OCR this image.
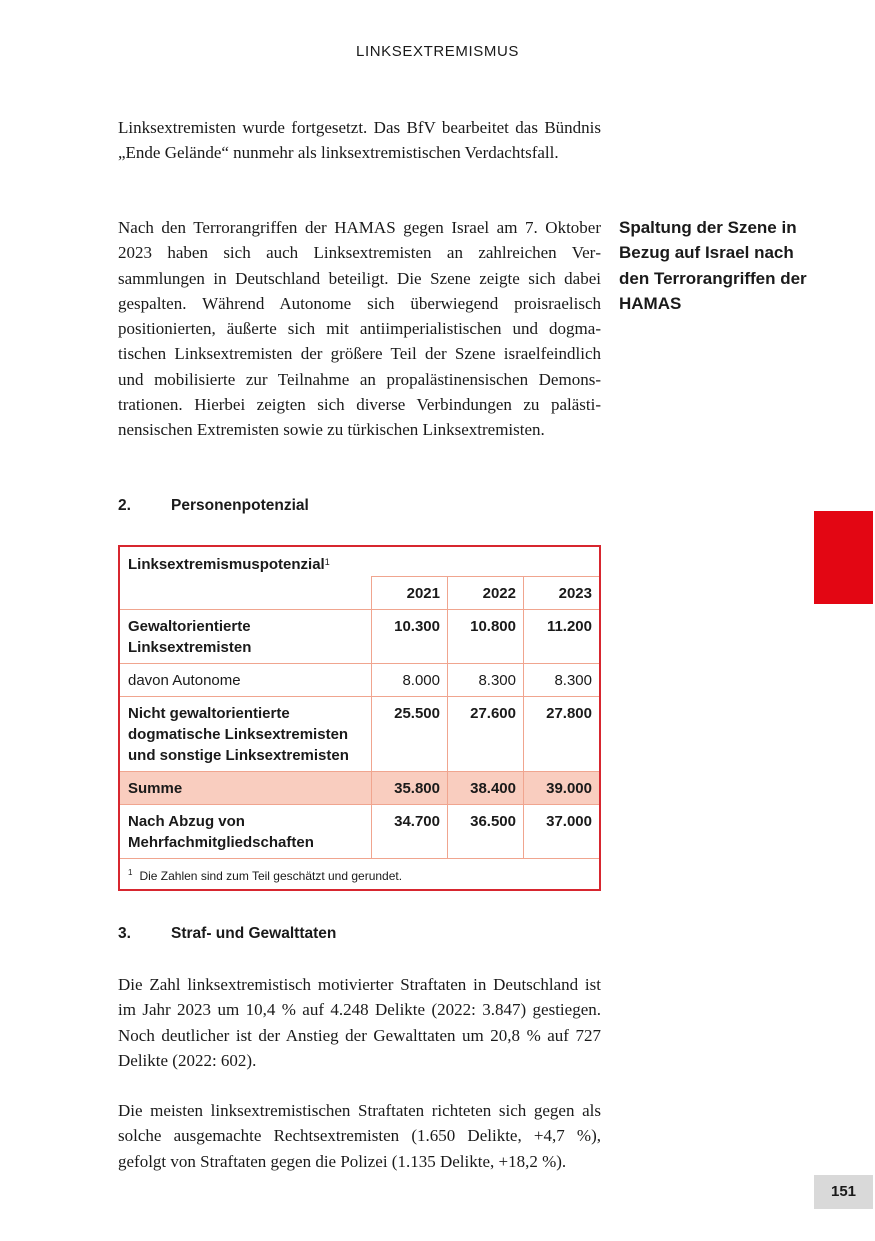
LINKSEXTREMISMUS

Linksextremisten wurde fortgesetzt. Das BfV bearbeitet das Bündnis „Ende Gelände“ nunmehr als linksextremistischen Verdachtsfall.

Nach den Terrorangriffen der HAMAS gegen Israel am 7. Oktober 2023 haben sich auch Linksextremisten an zahlreichen Versammlungen in Deutschland beteiligt. Die Szene zeigte sich dabei gespalten. Während Autonome sich überwiegend proisraelisch positionierten, äußerte sich mit antiimperialistischen und dogmatischen Linksextremisten der größere Teil der Szene israelfeindlich und mobilisierte zur Teilnahme an propalästinensischen Demonstrationen. Hierbei zeigten sich diverse Verbindungen zu palästinensischen Extremisten sowie zu türkischen Linksextremisten.

Spaltung der Szene in Bezug auf Israel nach den Terrorangriffen der HAMAS

2.	Personenpotenzial
Linksextremismuspotenzial$^1$
	2021	2022	2023
Gewaltorientierte Linksextremisten	10.300	10.800	11.200
davon Autonome	8.000	8.300	8.300
Nicht gewaltorientierte dogmatische Linksextremisten und sonstige Linksextremisten	25.500	27.600	27.800
Summe	35.800	38.400	39.000
Nach Abzug von Mehrfachmitgliedschaften	34.700	36.500	37.000
$^1$ Die Zahlen sind zum Teil geschätzt und gerundet.			
3.	Straf- und Gewalttaten

Die Zahl linksextremistisch motivierter Straftaten in Deutschland ist im Jahr 2023 um 10,4 % auf 4.248 Delikte (2022: 3.847) gestiegen. Noch deutlicher ist der Anstieg der Gewalttaten um 20,8 % auf 727 Delikte (2022: 602).

Die meisten linksextremistischen Straftaten richteten sich gegen als solche ausgemachte Rechtsextremisten (1.650 Delikte, +4,7 %), gefolgt von Straftaten gegen die Polizei (1.135 Delikte, +18,2 %).

151
